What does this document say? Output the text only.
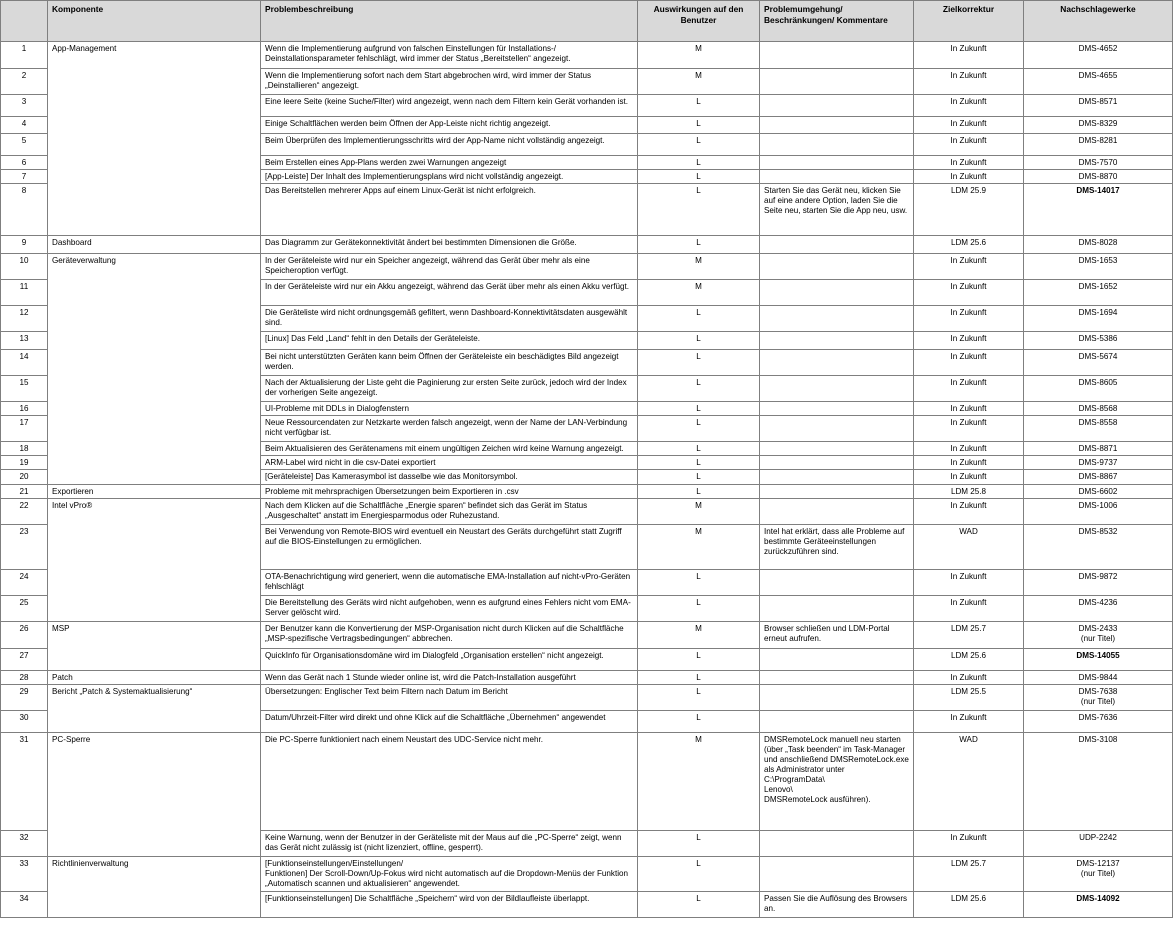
	Komponente	Problembeschreibung	Auswirkungen auf den Benutzer	Problemumgehung/ Beschränkungen/ Kommentare	Zielkorrektur	Nachschlagewerke
1	App-Management	Wenn die Implementierung aufgrund von falschen Einstellungen für Installations-/ Deinstallationsparameter fehlschlägt, wird immer der Status „Bereitstellen“ angezeigt.	M		In Zukunft	DMS-4652
2		Wenn die Implementierung sofort nach dem Start abgebrochen wird, wird immer der Status „Deinstallieren“ angezeigt.	M		In Zukunft	DMS-4655
3		Eine leere Seite (keine Suche/Filter) wird angezeigt, wenn nach dem Filtern kein Gerät vorhanden ist.	L		In Zukunft	DMS-8571
4		Einige Schaltflächen werden beim Öffnen der App-Leiste nicht richtig angezeigt.	L		In Zukunft	DMS-8329
5		Beim Überprüfen des Implementierungsschritts wird der App-Name nicht vollständig angezeigt.	L		In Zukunft	DMS-8281
6		Beim Erstellen eines App-Plans werden zwei Warnungen angezeigt	L		In Zukunft	DMS-7570
7		[App-Leiste] Der Inhalt des Implementierungsplans wird nicht vollständig angezeigt.	L		In Zukunft	DMS-8870
8		Das Bereitstellen mehrerer Apps auf einem Linux-Gerät ist nicht erfolgreich.	L	Starten Sie das Gerät neu, klicken Sie auf eine andere Option, laden Sie die Seite neu, starten Sie die App neu, usw.	LDM 25.9	DMS-14017
9	Dashboard	Das Diagramm zur Gerätekonnektivität ändert bei bestimmten Dimensionen die Größe.	L		LDM 25.6	DMS-8028
10	Geräteverwaltung	In der Geräteleiste wird nur ein Speicher angezeigt, während das Gerät über mehr als eine Speicheroption verfügt.	M		In Zukunft	DMS-1653
11		In der Geräteleiste wird nur ein Akku angezeigt, während das Gerät über mehr als einen Akku verfügt.	M		In Zukunft	DMS-1652
12		Die Geräteliste wird nicht ordnungsgemäß gefiltert, wenn Dashboard-Konnektivitätsdaten ausgewählt sind.	L		In Zukunft	DMS-1694
13		[Linux] Das Feld „Land“ fehlt in den Details der Geräteleiste.	L		In Zukunft	DMS-5386
14		Bei nicht unterstützten Geräten kann beim Öffnen der Geräteleiste ein beschädigtes Bild angezeigt werden.	L		In Zukunft	DMS-5674
15		Nach der Aktualisierung der Liste geht die Paginierung zur ersten Seite zurück, jedoch wird der Index der vorherigen Seite angezeigt.	L		In Zukunft	DMS-8605
16		UI-Probleme mit DDLs in Dialogfenstern	L		In Zukunft	DMS-8568
17		Neue Ressourcendaten zur Netzkarte werden falsch angezeigt, wenn der Name der LAN-Verbindung nicht verfügbar ist.	L		In Zukunft	DMS-8558
18		Beim Aktualisieren des Gerätenamens mit einem ungültigen Zeichen wird keine Warnung angezeigt.	L		In Zukunft	DMS-8871
19		ARM-Label wird nicht in die csv-Datei exportiert	L		In Zukunft	DMS-9737
20		[Geräteleiste] Das Kamerasymbol ist dasselbe wie das Monitorsymbol.	L		In Zukunft	DMS-8867
21	Exportieren	Probleme mit mehrsprachigen Übersetzungen beim Exportieren in .csv	L		LDM 25.8	DMS-6602
22	Intel vPro®	Nach dem Klicken auf die Schaltfläche „Energie sparen“ befindet sich das Gerät im Status „Ausgeschaltet“ anstatt im Energiesparmodus oder Ruhezustand.	M		In Zukunft	DMS-1006
23		Bei Verwendung von Remote-BIOS wird eventuell ein Neustart des Geräts durchgeführt statt Zugriff auf die BIOS-Einstellungen zu ermöglichen.	M	Intel hat erklärt, dass alle Probleme auf bestimmte Geräteeinstellungen zurückzuführen sind.	WAD	DMS-8532
24		OTA-Benachrichtigung wird generiert, wenn die automatische EMA-Installation auf nicht-vPro-Geräten fehlschlägt	L		In Zukunft	DMS-9872
25		Die Bereitstellung des Geräts wird nicht aufgehoben, wenn es aufgrund eines Fehlers nicht vom EMA-Server gelöscht wird.	L		In Zukunft	DMS-4236
26	MSP	Der Benutzer kann die Konvertierung der MSP-Organisation nicht durch Klicken auf die Schaltfläche „MSP-spezifische Vertragsbedingungen“ abbrechen.	M	Browser schließen und LDM-Portal erneut aufrufen.	LDM 25.7	DMS-2433
(nur Titel)
27		QuickInfo für Organisationsdomäne wird im Dialogfeld „Organisation erstellen“ nicht angezeigt.	L		LDM 25.6	DMS-14055
28	Patch	Wenn das Gerät nach 1 Stunde wieder online ist, wird die Patch-Installation ausgeführt	L		In Zukunft	DMS-9844
29	Bericht „Patch & Systemaktualisierung“	Übersetzungen: Englischer Text beim Filtern nach Datum im Bericht	L		LDM 25.5	DMS-7638
(nur Titel)
30		Datum/Uhrzeit-Filter wird direkt und ohne Klick auf die Schaltfläche „Übernehmen“ angewendet	L		In Zukunft	DMS-7636
31	PC-Sperre	Die PC-Sperre funktioniert nach einem Neustart des UDC-Service nicht mehr.	M	DMSRemoteLock manuell neu starten (über „Task beenden“ im Task-Manager und anschließend DMSRemoteLock.exe als Administrator unter
C:\ProgramData\
Lenovo\
DMSRemoteLock ausführen).	WAD	DMS-3108
32		Keine Warnung, wenn der Benutzer in der Geräteliste mit der Maus auf die „PC-Sperre“ zeigt, wenn das Gerät nicht zulässig ist (nicht lizenziert, offline, gesperrt).	L		In Zukunft	UDP-2242
33	Richtlinienverwaltung	[Funktionseinstellungen/Einstellungen/
Funktionen] Der Scroll-Down/Up-Fokus wird nicht automatisch auf die Dropdown-Menüs der Funktion „Automatisch scannen und aktualisieren“ angewendet.	L		LDM 25.7	DMS-12137
(nur Titel)
34		[Funktionseinstellungen] Die Schaltfläche „Speichern“ wird von der Bildlaufleiste überlappt.	L	Passen Sie die Auflösung des Browsers an.	LDM 25.6	DMS-14092
